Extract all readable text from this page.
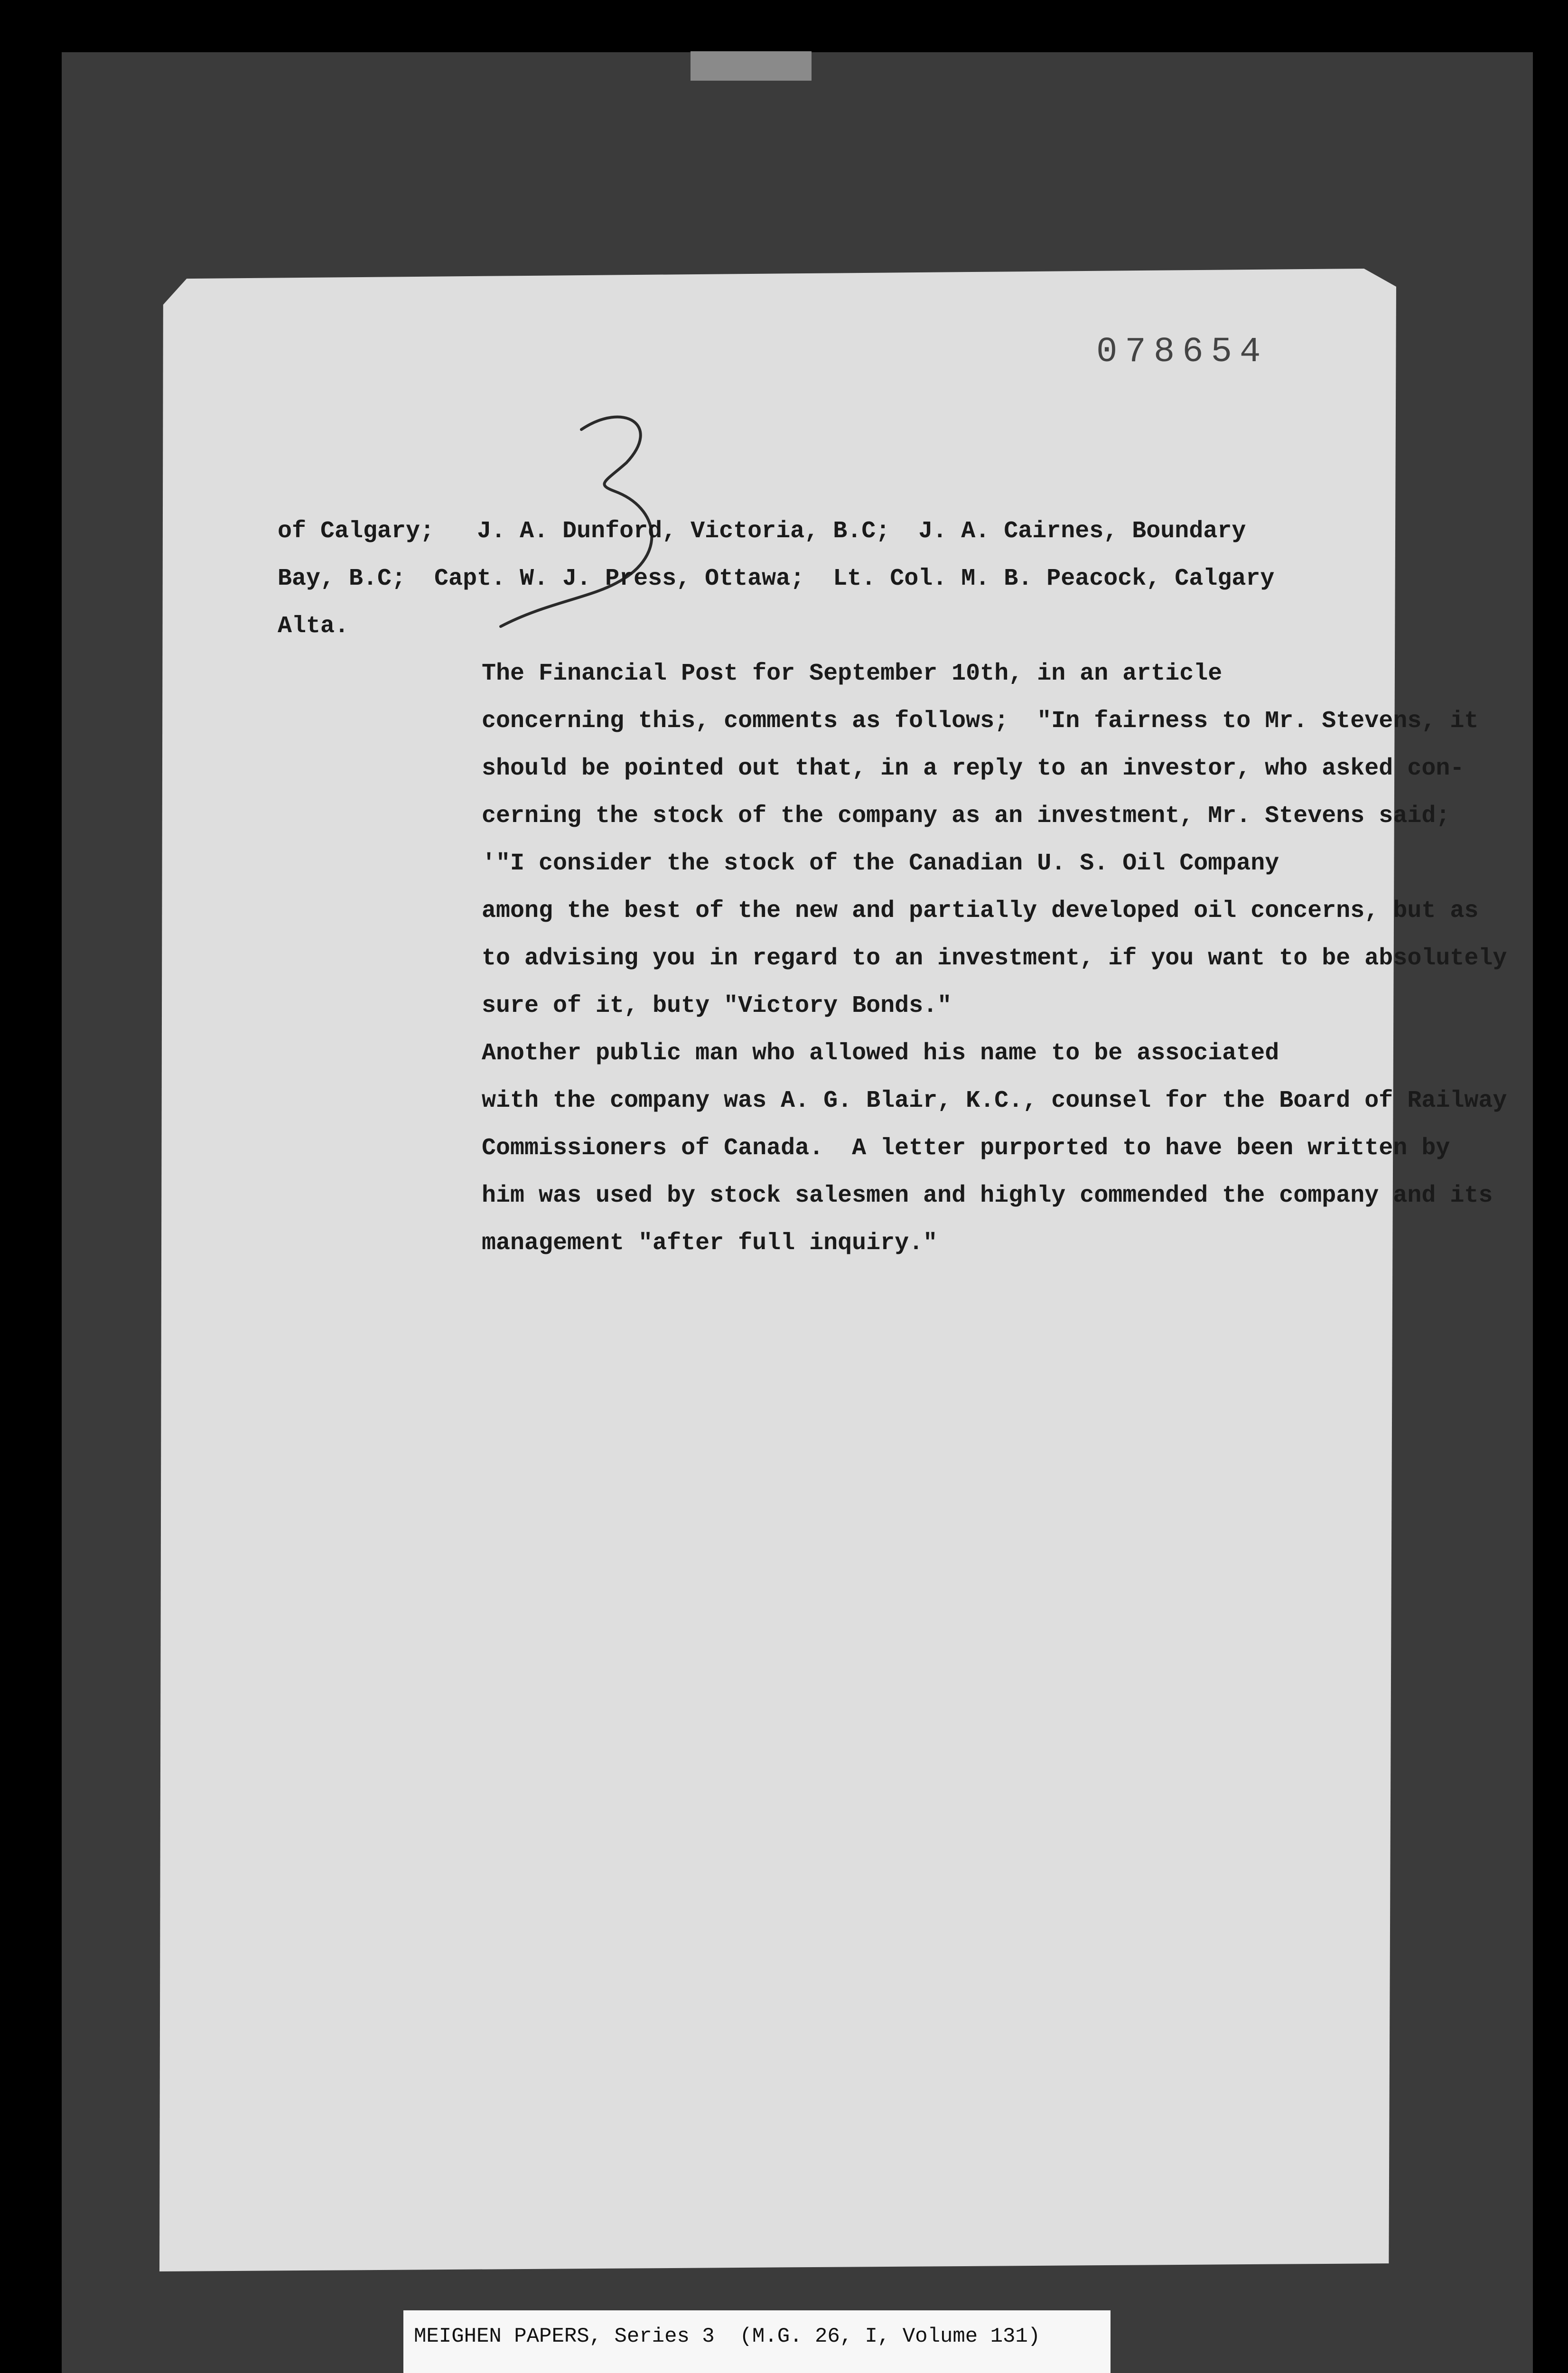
078654

of Calgary;   J. A. Dunford, Victoria, B.C;  J. A. Cairnes, Boundary
Bay, B.C;  Capt. W. J. Press, Ottawa;  Lt. Col. M. B. Peacock, Calgary
Alta.

The Financial Post for September 10th, in an article
concerning this, comments as follows;  "In fairness to Mr. Stevens, it
should be pointed out that, in a reply to an investor, who asked con-
cerning the stock of the company as an investment, Mr. Stevens said;
'"I consider the stock of the Canadian U. S. Oil Company
among the best of the new and partially developed oil concerns, but as
to advising you in regard to an investment, if you want to be absolutely
sure of it, buty "Victory Bonds."

Another public man who allowed his name to be associated
with the company was A. G. Blair, K.C., counsel for the Board of Railway
Commissioners of Canada.  A letter purported to have been written by
him was used by stock salesmen and highly commended the company and its
management "after full inquiry."

MEIGHEN PAPERS, Series 3  (M.G. 26, I, Volume 131)
